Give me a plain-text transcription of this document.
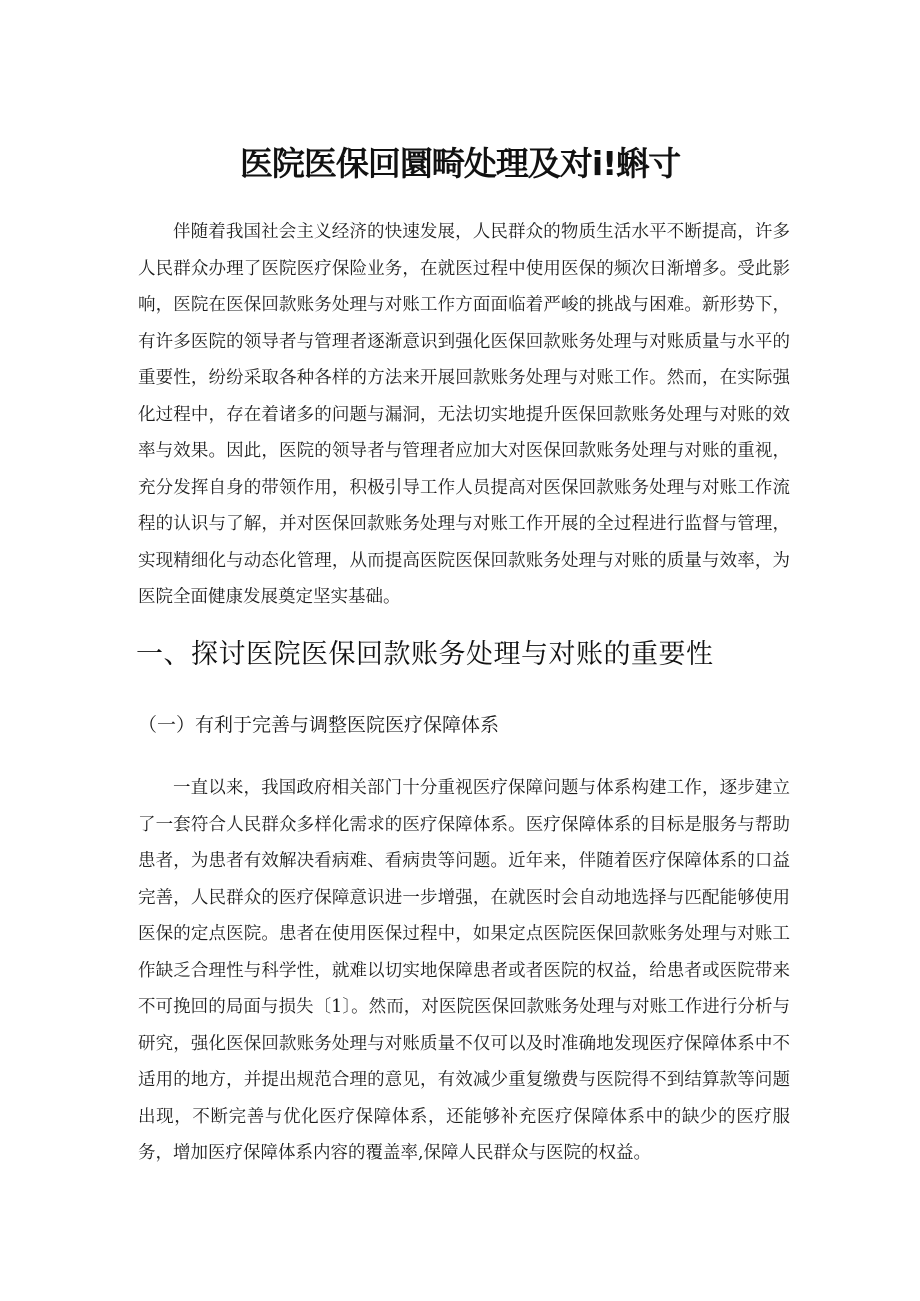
医院医保回圜畸处理及对i!蝌寸

伴随着我国社会主义经济的快速发展，人民群众的物质生活水平不断提高，许多人民群众办理了医院医疗保险业务，在就医过程中使用医保的频次日渐增多。受此影响，医院在医保回款账务处理与对账工作方面面临着严峻的挑战与困难。新形势下，有许多医院的领导者与管理者逐渐意识到强化医保回款账务处理与对账质量与水平的重要性，纷纷采取各种各样的方法来开展回款账务处理与对账工作。然而，在实际强化过程中，存在着诸多的问题与漏洞，无法切实地提升医保回款账务处理与对账的效率与效果。因此，医院的领导者与管理者应加大对医保回款账务处理与对账的重视，充分发挥自身的带领作用，积极引导工作人员提高对医保回款账务处理与对账工作流程的认识与了解，并对医保回款账务处理与对账工作开展的全过程进行监督与管理，实现精细化与动态化管理，从而提高医院医保回款账务处理与对账的质量与效率，为医院全面健康发展奠定坚实基础。

一、探讨医院医保回款账务处理与对账的重要性
（一）有利于完善与调整医院医疗保障体系

一直以来，我国政府相关部门十分重视医疗保障问题与体系构建工作，逐步建立了一套符合人民群众多样化需求的医疗保障体系。医疗保障体系的目标是服务与帮助患者，为患者有效解决看病难、看病贵等问题。近年来，伴随着医疗保障体系的口益完善，人民群众的医疗保障意识进一步增强，在就医时会自动地选择与匹配能够使用医保的定点医院。患者在使用医保过程中，如果定点医院医保回款账务处理与对账工作缺乏合理性与科学性，就难以切实地保障患者或者医院的权益，给患者或医院带来不可挽回的局面与损失〔1〕。然而，对医院医保回款账务处理与对账工作进行分析与研究，强化医保回款账务处理与对账质量不仅可以及时准确地发现医疗保障体系中不适用的地方，并提出规范合理的意见，有效减少重复缴费与医院得不到结算款等问题出现，不断完善与优化医疗保障体系，还能够补充医疗保障体系中的缺少的医疗服务，增加医疗保障体系内容的覆盖率,保障人民群众与医院的权益。
